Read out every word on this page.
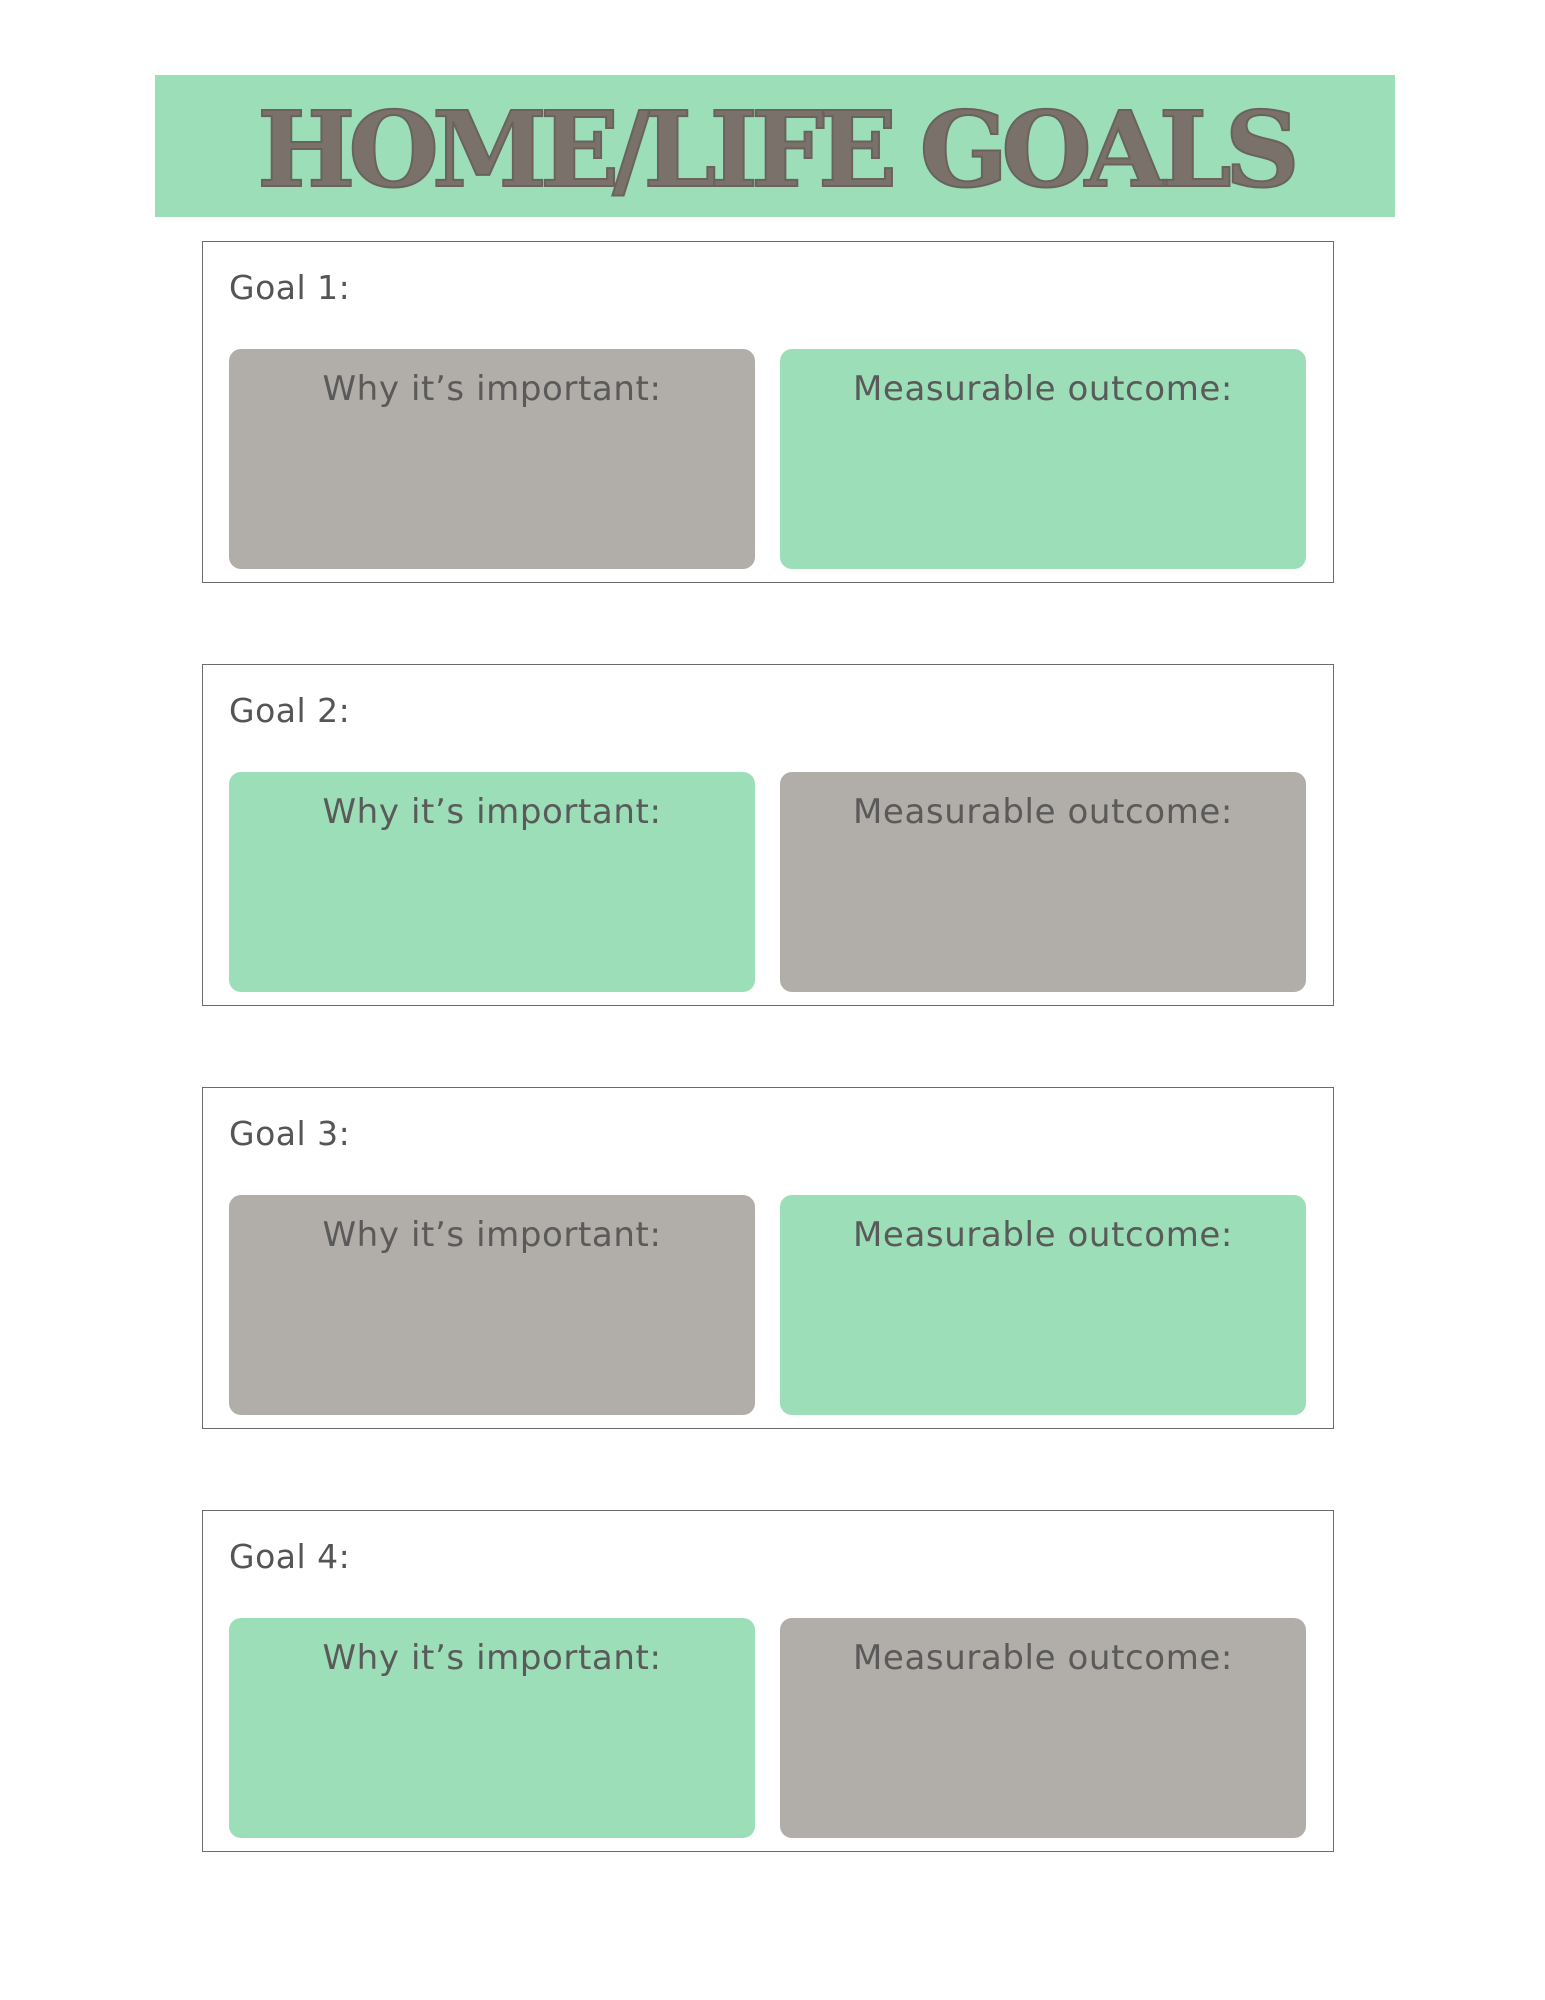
HOME/LIFE GOALS
Goal 1:
Why it’s important:	Measurable outcome:
Goal 2:
Why it’s important:	Measurable outcome:
Goal 3:
Why it’s important:	Measurable outcome:
Goal 4:
Why it’s important:	Measurable outcome:
